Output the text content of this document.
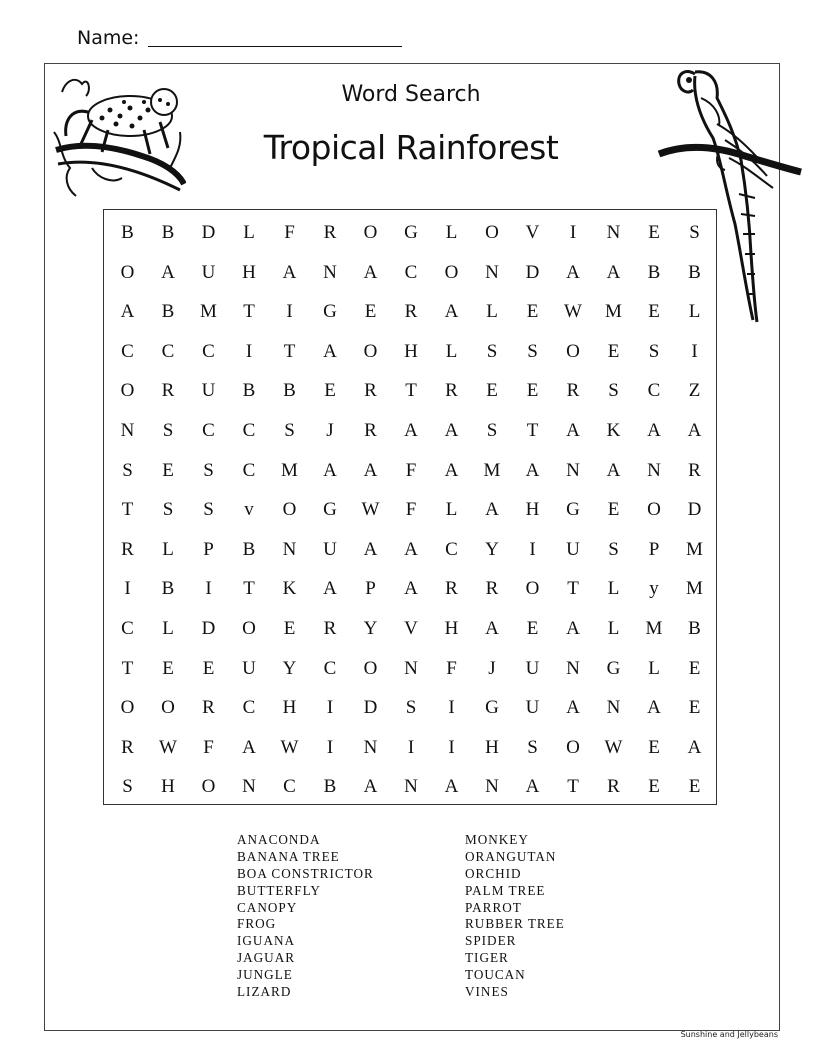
Name:
Word Search
Tropical Rainforest
B	B	D	L	F	R	O	G	L	O	V	I	N	E	S
O	A	U	H	A	N	A	C	O	N	D	A	A	B	B
A	B	M	T	I	G	E	R	A	L	E	W	M	E	L
C	C	C	I	T	A	O	H	L	S	S	O	E	S	I
O	R	U	B	B	E	R	T	R	E	E	R	S	C	Z
N	S	C	C	S	J	R	A	A	S	T	A	K	A	A
S	E	S	C	M	A	A	F	A	M	A	N	A	N	R
T	S	S	v	O	G	W	F	L	A	H	G	E	O	D
R	L	P	B	N	U	A	A	C	Y	I	U	S	P	M
I	B	I	T	K	A	P	A	R	R	O	T	L	y	M
C	L	D	O	E	R	Y	V	H	A	E	A	L	M	B
T	E	E	U	Y	C	O	N	F	J	U	N	G	L	E
O	O	R	C	H	I	D	S	I	G	U	A	N	A	E
R	W	F	A	W	I	N	I	I	H	S	O	W	E	A
S	H	O	N	C	B	A	N	A	N	A	T	R	E	E
ANACONDA
BANANA TREE
BOA CONSTRICTOR
BUTTERFLY
CANOPY
FROG
IGUANA
JAGUAR
JUNGLE
LIZARD
MONKEY
ORANGUTAN
ORCHID
PALM TREE
PARROT
RUBBER TREE
SPIDER
TIGER
TOUCAN
VINES
Sunshine and Jellybeans
